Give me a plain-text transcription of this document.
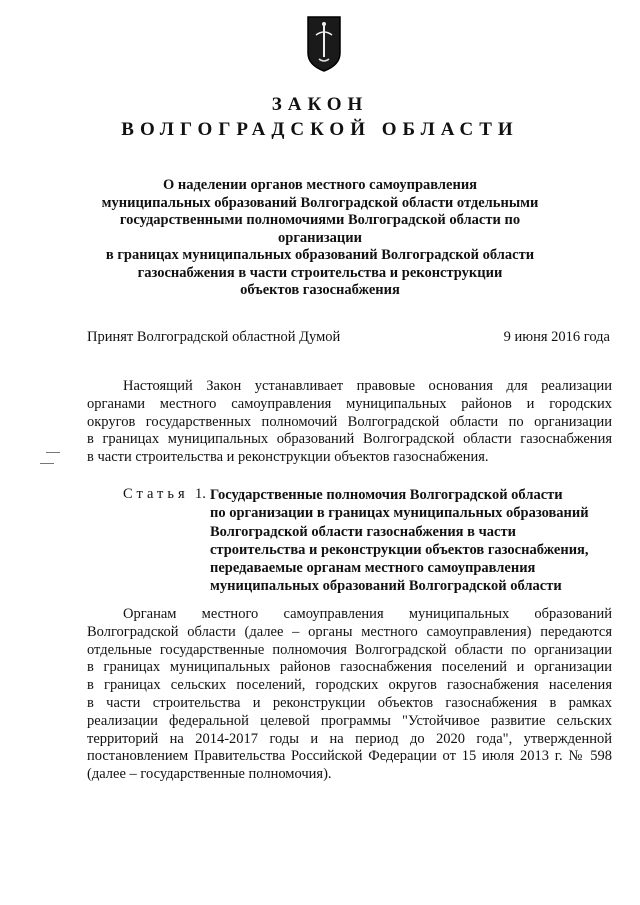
ЗАКОН
ВОЛГОГРАДСКОЙ ОБЛАСТИ
О наделении органов местного самоуправления
муниципальных образований Волгоградской области отдельными
государственными полномочиями Волгоградской области по организации
в границах муниципальных образований Волгоградской области
газоснабжения в части строительства и реконструкции
объектов газоснабжения
Принят Волгоградской областной Думой	9 июня 2016 года
Настоящий Закон устанавливает правовые основания для реализации
органами местного самоуправления муниципальных районов и городских
округов государственных полномочий Волгоградской области по организации
в границах муниципальных образований Волгоградской области газоснабжения
в части строительства и реконструкции объектов газоснабжения.
Статья 1. Государственные полномочия Волгоградской области
по организации в границах муниципальных образований
Волгоградской области газоснабжения в части
строительства и реконструкции объектов газоснабжения,
передаваемые органам местного самоуправления
муниципальных образований Волгоградской области
Органам местного самоуправления муниципальных образований
Волгоградской области (далее – органы местного самоуправления) передаются
отдельные государственные полномочия Волгоградской области по организации
в границах муниципальных районов газоснабжения поселений и организации
в границах сельских поселений, городских округов газоснабжения населения
в части строительства и реконструкции объектов газоснабжения в рамках
реализации федеральной целевой программы "Устойчивое развитие сельских
территорий на 2014-2017 годы и на период до 2020 года", утвержденной
постановлением Правительства Российской Федерации от 15 июля 2013 г. № 598
(далее – государственные полномочия).
